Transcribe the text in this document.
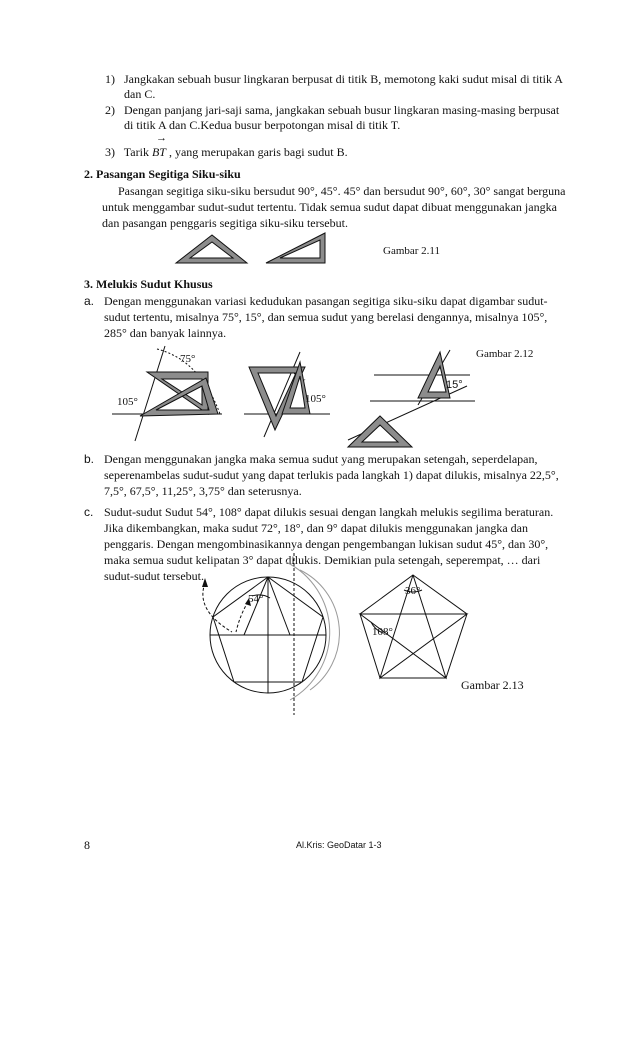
1) Jangkakan sebuah busur lingkaran berpusat di titik B, memotong kaki sudut misal di titik A
dan C.
2) Dengan panjang jari-saji sama, jangkakan sebuah busur lingkaran masing-masing berpusat
di titik A dan C.Kedua busur berpotongan misal di titik T.
3) Tarik
→
BT , yang merupakan garis bagi sudut B.
2. Pasangan Segitiga Siku-siku
Pasangan segitiga siku-siku bersudut 90°, 45°. 45° dan bersudut 90°, 60°, 30° sangat berguna
untuk menggambar sudut-sudut tertentu. Tidak semua sudut dapat dibuat menggunakan jangka
dan pasangan penggaris segitiga siku-siku tersebut.
Gambar 2.11
3. Melukis Sudut Khusus
a. Dengan menggunakan variasi kedudukan pasangan segitiga siku-siku dapat digambar sudut-
sudut tertentu, misalnya 75°, 15°, dan semua sudut yang berelasi dengannya, misalnya 105°,
285° dan banyak lainnya.
Gambar 2.12
75°
105°	105°
15°
b. Dengan menggunakan jangka maka semua sudut yang merupakan setengah, seperdelapan,
seperenambelas sudut-sudut yang dapat terlukis pada langkah 1) dapat dilukis, misalnya 22,5°,
7,5°, 67,5°, 11,25°, 3,75° dan seterusnya.
c. Sudut-sudut Sudut 54°, 108° dapat dilukis sesuai dengan langkah melukis segilima beraturan.
Jika dikembangkan, maka sudut 72°, 18°, dan 9° dapat dilukis menggunakan jangka dan
penggaris. Dengan mengombinasikannya dengan pengembangan lukisan sudut 45°, dan 30°,
maka semua sudut kelipatan 3° dapat dilukis. Demikian pula setengah, seperempat, … dari
sudut-sudut tersebut.
54°
36°
108°
Gambar 2.13
8	Al.Kris: GeoDatar 1-3
